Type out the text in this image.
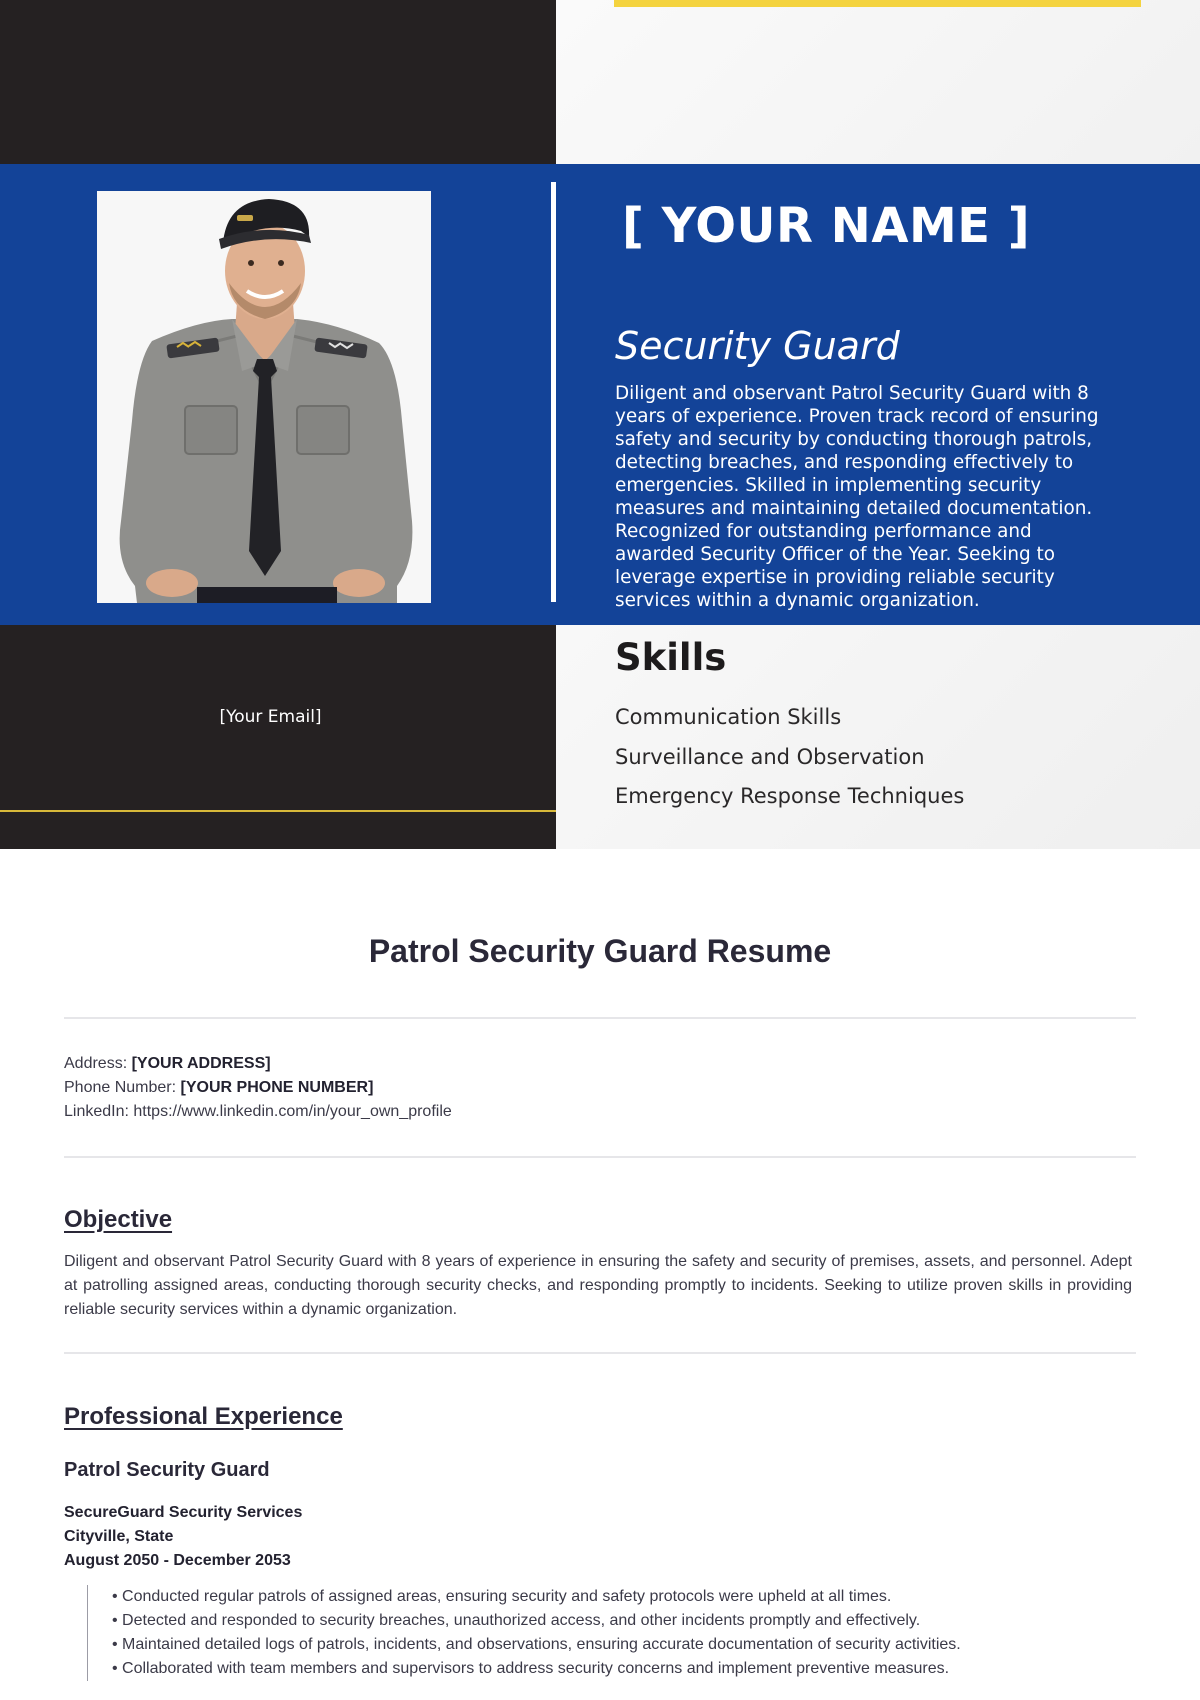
[ YOUR NAME ]
Security Guard
Diligent and observant Patrol Security Guard with 8 years of experience. Proven track record of ensuring safety and security by conducting thorough patrols, detecting breaches, and responding effectively to emergencies. Skilled in implementing security measures and maintaining detailed documentation. Recognized for outstanding performance and awarded Security Officer of the Year. Seeking to leverage expertise in providing reliable security services within a dynamic organization.
[Your Email]
Skills
Communication Skills
Surveillance and Observation
Emergency Response Techniques
Patrol Security Guard Resume
Address: [YOUR ADDRESS]
Phone Number: [YOUR PHONE NUMBER]
LinkedIn: https://www.linkedin.com/in/your_own_profile
Objective
Diligent and observant Patrol Security Guard with 8 years of experience in ensuring the safety and security of premises, assets, and personnel. Adept at patrolling assigned areas, conducting thorough security checks, and responding promptly to incidents. Seeking to utilize proven skills in providing reliable security services within a dynamic organization.
Professional Experience
Patrol Security Guard
SecureGuard Security Services
Cityville, State
August 2050 - December 2053
• Conducted regular patrols of assigned areas, ensuring security and safety protocols were upheld at all times.
• Detected and responded to security breaches, unauthorized access, and other incidents promptly and effectively.
• Maintained detailed logs of patrols, incidents, and observations, ensuring accurate documentation of security activities.
• Collaborated with team members and supervisors to address security concerns and implement preventive measures.
